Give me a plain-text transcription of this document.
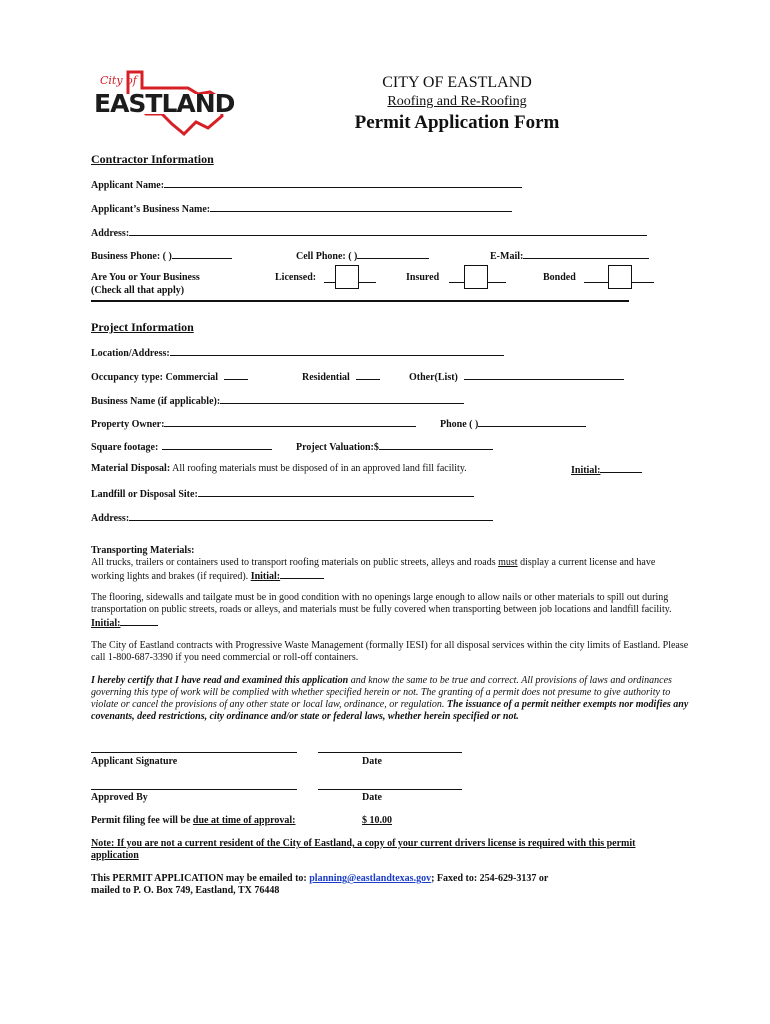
City of
EASTLAND
CITY OF EASTLAND
Roofing and Re-Roofing
Permit Application Form
Contractor Information
Applicant Name:
Applicant’s Business Name:
Address:
Business Phone: ( )	Cell Phone: ( )	E-Mail:
Are You or Your Business
(Check all that apply)
Licensed:	Insured	Bonded
Project Information
Location/Address:
Occupancy type: Commercial	Residential	Other(List)
Business Name (if applicable):
Property Owner:	Phone ( )
Square footage:	Project Valuation:$
Material Disposal: All roofing materials must be disposed of in an approved land fill facility.	Initial:
Landfill or Disposal Site:
Address:
Transporting Materials:
All trucks, trailers or containers used to transport roofing materials on public streets, alleys and roads must display a current license and have working lights and brakes (if required). Initial:
The flooring, sidewalls and tailgate must be in good condition with no openings large enough to allow nails or other materials to spill out during transportation on public streets, roads or alleys, and materials must be fully covered when transporting between job locations and landfill facility. Initial:
The City of Eastland contracts with Progressive Waste Management (formally IESI) for all disposal services within the city limits of Eastland. Please call 1-800-687-3390 if you need commercial or roll-off containers.
I hereby certify that I have read and examined this application and know the same to be true and correct. All provisions of laws and ordinances governing this type of work will be complied with whether specified herein or not. The granting of a permit does not presume to give authority to violate or cancel the provisions of any other state or local law, ordinance, or regulation. The issuance of a permit neither exempts nor modifies any covenants, deed restrictions, city ordinance and/or state or federal laws, whether herein specified or not.
Applicant Signature	Date
Approved By	Date
Permit filing fee will be due at time of approval:	$ 10.00
Note: If you are not a current resident of the City of Eastland, a copy of your current drivers license is required with this permit application
This PERMIT APPLICATION may be emailed to: planning@eastlandtexas.gov; Faxed to: 254-629-3137 or
mailed to P. O. Box 749, Eastland, TX 76448
